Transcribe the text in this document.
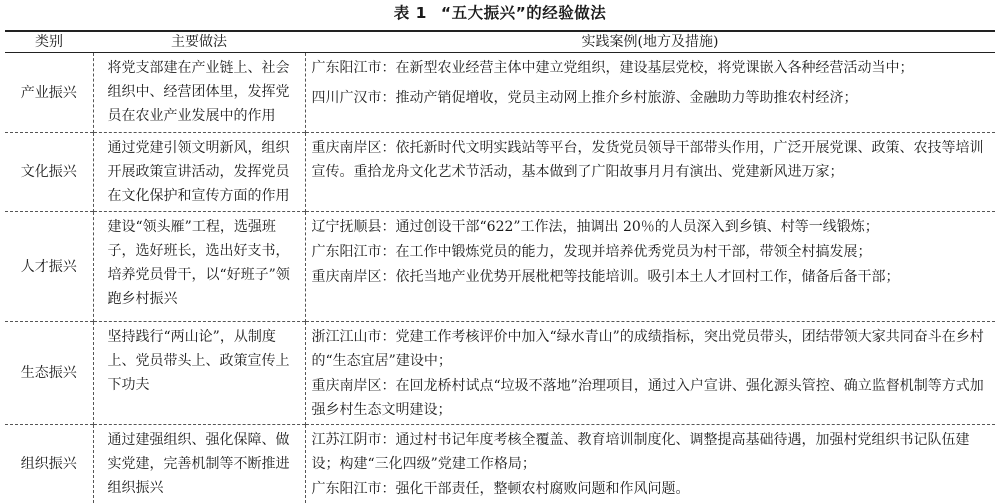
表 1 “五大振兴”的经验做法
类别	主要做法	实践案例(地方及措施)
产业振兴	将党支部建在产业链上、社会组织中、经营团体里，发挥党员在农业产业发展中的作用	广东阳江市：在新型农业经营主体中建立党组织，建设基层党校，将党课嵌入各种经营活动当中；

四川广汉市：推动产销促增收，党员主动网上推介乡村旅游、金融助力等助推农村经济；

文化振兴	通过党建引领文明新风，组织开展政策宣讲活动，发挥党员在文化保护和宣传方面的作用	重庆南岸区：依托新时代文明实践站等平台，发货党员领导干部带头作用，广泛开展党课、政策、农技等培训宣传。重拾龙舟文化艺术节活动，基本做到了广阳故事月月有演出、党建新风进万家；

人才振兴	建设“领头雁”工程，选强班子，选好班长，选出好支书，培养党员骨干，以“好班子”领跑乡村振兴	辽宁抚顺县：通过创设干部“622”工作法，抽调出 20％的人员深入到乡镇、村等一线锻炼；

广东阳江市：在工作中锻炼党员的能力，发现并培养优秀党员为村干部，带领全村搞发展；

重庆南岸区：依托当地产业优势开展枇杷等技能培训。吸引本土人才回村工作，储备后备干部；

生态振兴	坚持践行“两山论”，从制度上、党员带头上、政策宣传上下功夫	浙江江山市：党建工作考核评价中加入“绿水青山”的成绩指标，突出党员带头，团结带领大家共同奋斗在乡村的“生态宜居”建设中；

重庆南岸区：在回龙桥村试点“垃圾不落地”治理项目，通过入户宣讲、强化源头管控、确立监督机制等方式加强乡村生态文明建设；

组织振兴	通过建强组织、强化保障、做实党建，完善机制等不断推进组织振兴	江苏江阴市：通过村书记年度考核全覆盖、教育培训制度化、调整提高基础待遇，加强村党组织书记队伍建设；构建“三化四级”党建工作格局；

广东阳江市：强化干部责任，整顿农村腐败问题和作风问题。
